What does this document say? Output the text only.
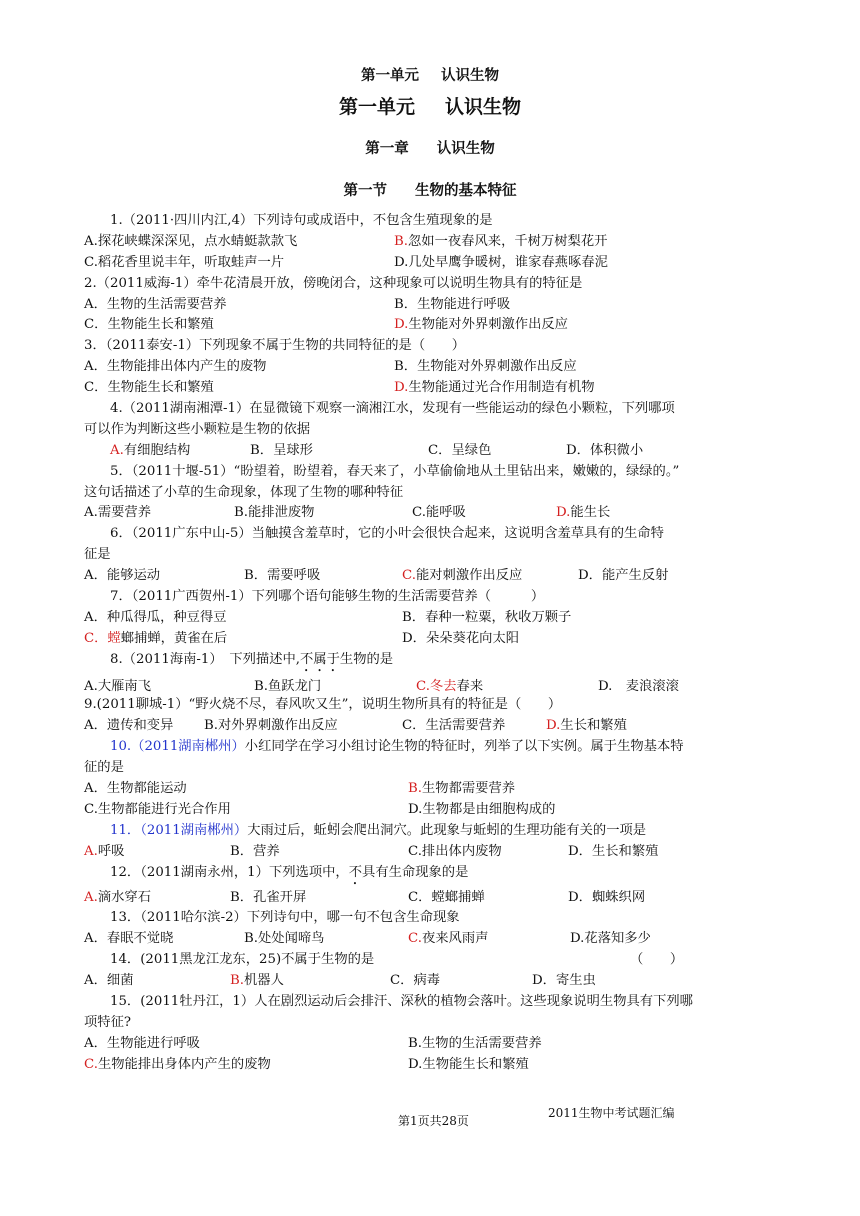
第一单元 认识生物
第一单元 认识生物
第一章 认识生物
第一节 生物的基本特征
1.（2011·四川内江,4）下列诗句或成语中，不包含生殖现象的是
A.探花峡蝶深深见，点水蜻蜓款款飞	B.忽如一夜春风来，千树万树梨花开
C.稻花香里说丰年，听取蛙声一片	D.几处早鹰争暖树，谁家春燕啄春泥
2.（2011威海-1）牵牛花清晨开放，傍晚闭合，这种现象可以说明生物具有的特征是
A．生物的生活需要营养	B．生物能进行呼吸
C．生物能生长和繁殖	D.生物能对外界刺激作出反应
3．（2011泰安-1）下列现象不属于生物的共同特征的是（　　）
A．生物能排出体内产生的废物	B．生物能对外界刺激作出反应
C．生物能生长和繁殖	D.生物能通过光合作用制造有机物
4.（2011湖南湘潭-1）在显微镜下观察一滴湘江水，发现有一些能运动的绿色小颗粒，下列哪项
可以作为判断这些小颗粒是生物的依据
A.有细胞结构	B．呈球形	C．呈绿色	D．体积微小
5．（2011十堰-51）“盼望着，盼望着，春天来了，小草偷偷地从土里钻出来，嫩嫩的，绿绿的。”
这句话描述了小草的生命现象，体现了生物的哪种特征
A.需要营养	B.能排泄废物	C.能呼吸	D.能生长
6．（2011广东中山-5）当触摸含羞草时，它的小叶会很快合起来，这说明含羞草具有的生命特
征是
A．能够运动	B．需要呼吸	C.能对刺激作出反应	D．能产生反射
7．（2011广西贺州-1）下列哪个语句能够生物的生活需要营养（　　　）
A．种瓜得瓜，种豆得豆	B．春种一粒粟，秋收万颗子
C．螳螂捕蝉，黄雀在后	D．朵朵葵花向太阳
8.（2011海南-1）　下列描述中,不属于生物的是
A.大雁南飞	B.鱼跃龙门	C.冬去春来	D.　麦浪滚滚
9.(2011聊城-1）“野火烧不尽，春风吹又生”，说明生物所具有的特征是（　　）
A．遗传和变异 B.对外界刺激作出反应	C．生活需要营养	D.生长和繁殖
10.（2011湖南郴州）小红同学在学习小组讨论生物的特征时，列举了以下实例。属于生物基本特
征的是
A．生物都能运动	B.生物都需要营养
C.生物都能进行光合作用	D.生物都是由细胞构成的
11．（2011湖南郴州）大雨过后，蚯蚓会爬出洞穴。此现象与蚯蚓的生理功能有关的一项是
A.呼吸	B．营养	C.排出体内废物	D．生长和繁殖
12．（2011湖南永州，1）下列选项中，不具有生命现象的是
A.滴水穿石	B．孔雀开屏	C．螳螂捕蝉	D．蜘蛛织网
13．（2011哈尔滨-2）下列诗句中，哪一句不包含生命现象
A．春眠不觉晓	B.处处闻啼鸟	C.夜来风雨声	D.花落知多少
14．(2011黑龙江龙东，25)不属于生物的是	（　　）
A．细菌	B.机器人	C．病毒	D．寄生虫
15．(2011牡丹江，1）人在剧烈运动后会排汗、深秋的植物会落叶。这些现象说明生物具有下列哪
项特征?
A．生物能进行呼吸	B.生物的生活需要营养
C.生物能排出身体内产生的废物	D.生物能生长和繁殖
第1页共28页
2011生物中考试题汇编
